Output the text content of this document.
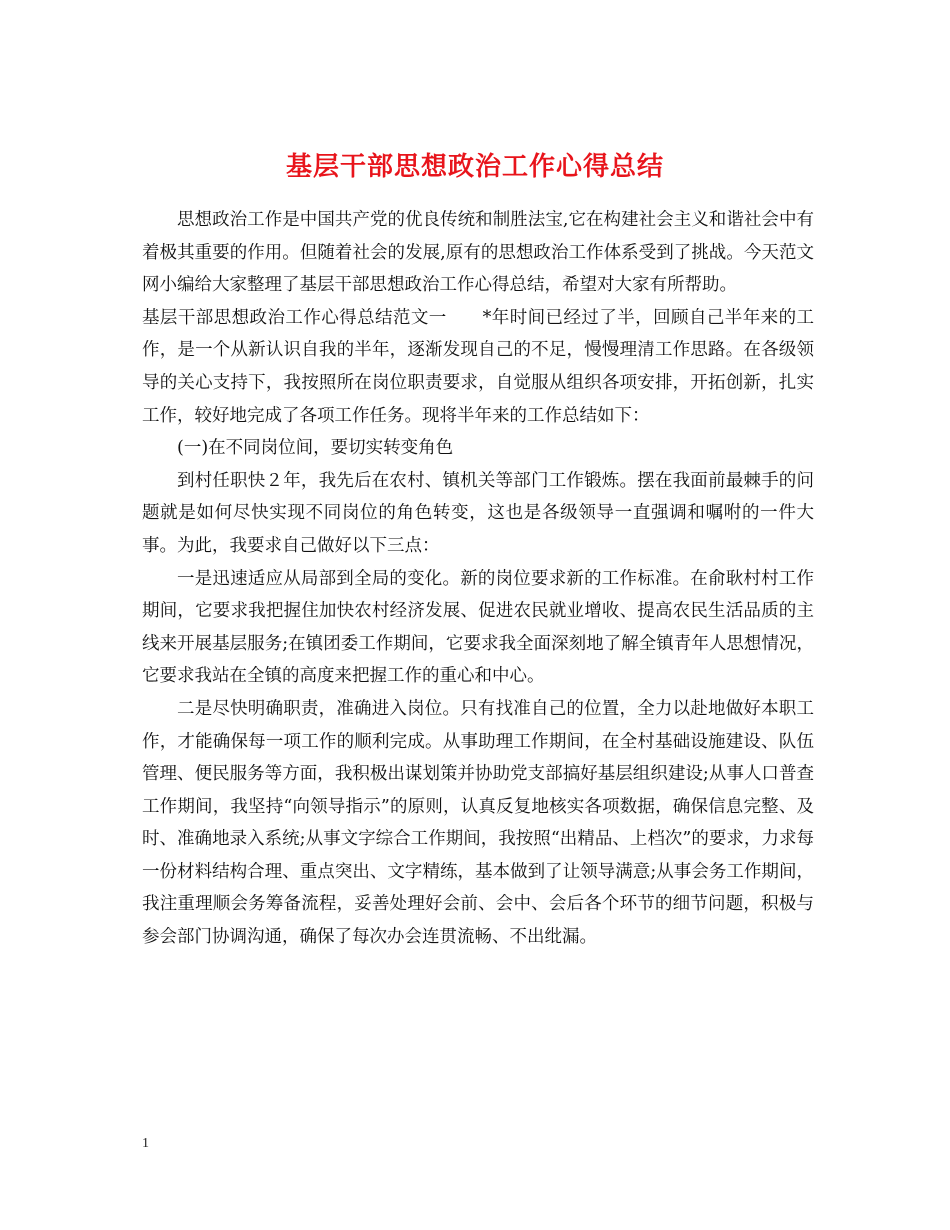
基层干部思想政治工作心得总结

思想政治工作是中国共产党的优良传统和制胜法宝,它在构建社会主义和谐社会中有着极其重要的作用。但随着社会的发展,原有的思想政治工作体系受到了挑战。今天范文网小编给大家整理了基层干部思想政治工作心得总结，希望对大家有所帮助。

基层干部思想政治工作心得总结范文一　　*年时间已经过了半，回顾自己半年来的工作，是一个从新认识自我的半年，逐渐发现自己的不足，慢慢理清工作思路。在各级领导的关心支持下，我按照所在岗位职责要求，自觉服从组织各项安排，开拓创新，扎实工作，较好地完成了各项工作任务。现将半年来的工作总结如下：

(一)在不同岗位间，要切实转变角色

到村任职快２年，我先后在农村、镇机关等部门工作锻炼。摆在我面前最棘手的问题就是如何尽快实现不同岗位的角色转变，这也是各级领导一直强调和嘱咐的一件大事。为此，我要求自己做好以下三点：

一是迅速适应从局部到全局的变化。新的岗位要求新的工作标准。在俞耿村村工作期间，它要求我把握住加快农村经济发展、促进农民就业增收、提高农民生活品质的主线来开展基层服务;在镇团委工作期间，它要求我全面深刻地了解全镇青年人思想情况，它要求我站在全镇的高度来把握工作的重心和中心。

二是尽快明确职责，准确进入岗位。只有找准自己的位置，全力以赴地做好本职工作，才能确保每一项工作的顺利完成。从事助理工作期间，在全村基础设施建设、队伍管理、便民服务等方面，我积极出谋划策并协助党支部搞好基层组织建设;从事人口普查工作期间，我坚持“向领导指示”的原则，认真反复地核实各项数据，确保信息完整、及时、准确地录入系统;从事文字综合工作期间，我按照“出精品、上档次”的要求，力求每一份材料结构合理、重点突出、文字精练，基本做到了让领导满意;从事会务工作期间，我注重理顺会务筹备流程，妥善处理好会前、会中、会后各个环节的细节问题，积极与参会部门协调沟通，确保了每次办会连贯流畅、不出纰漏。

1
